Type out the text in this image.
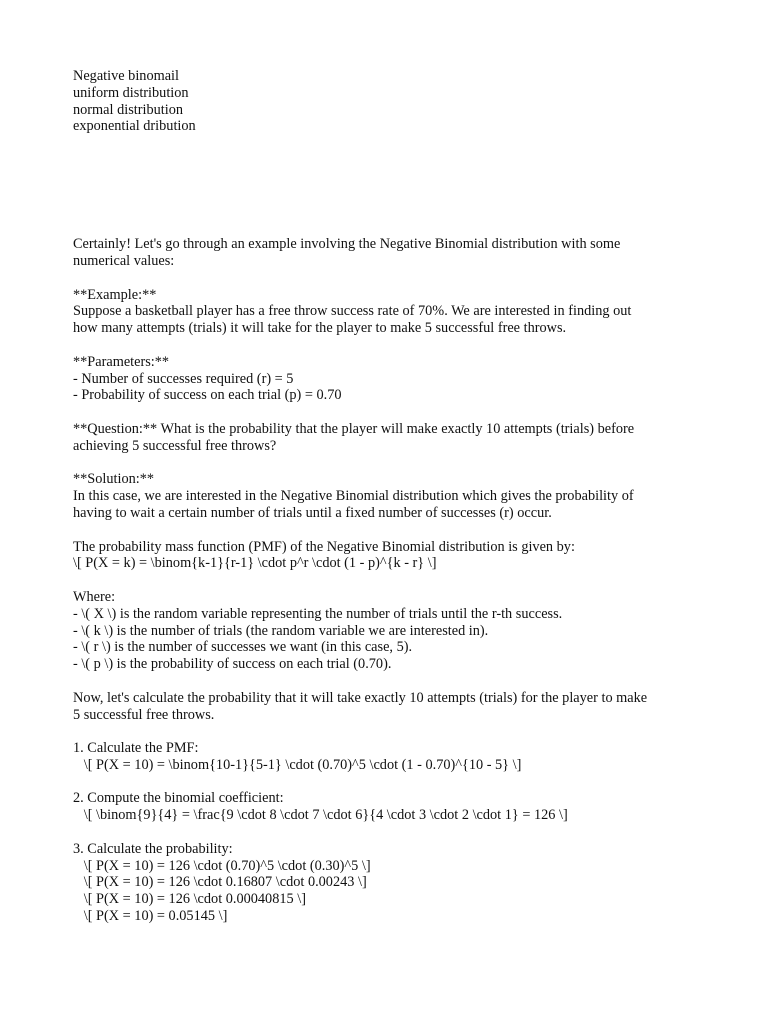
Negative binomail
uniform distribution
normal distribution
exponential dribution
Certainly! Let's go through an example involving the Negative Binomial distribution with some
numerical values:
**Example:**
Suppose a basketball player has a free throw success rate of 70%. We are interested in finding out
how many attempts (trials) it will take for the player to make 5 successful free throws.
**Parameters:**
- Number of successes required (r) = 5
- Probability of success on each trial (p) = 0.70
**Question:** What is the probability that the player will make exactly 10 attempts (trials) before
achieving 5 successful free throws?
**Solution:**
In this case, we are interested in the Negative Binomial distribution which gives the probability of
having to wait a certain number of trials until a fixed number of successes (r) occur.
The probability mass function (PMF) of the Negative Binomial distribution is given by:
\[ P(X = k) = \binom{k-1}{r-1} \cdot p^r \cdot (1 - p)^{k - r} \]
Where:
- \( X \) is the random variable representing the number of trials until the r-th success.
- \( k \) is the number of trials (the random variable we are interested in).
- \( r \) is the number of successes we want (in this case, 5).
- \( p \) is the probability of success on each trial (0.70).
Now, let's calculate the probability that it will take exactly 10 attempts (trials) for the player to make
5 successful free throws.
1. Calculate the PMF:
\[ P(X = 10) = \binom{10-1}{5-1} \cdot (0.70)^5 \cdot (1 - 0.70)^{10 - 5} \]
2. Compute the binomial coefficient:
\[ \binom{9}{4} = \frac{9 \cdot 8 \cdot 7 \cdot 6}{4 \cdot 3 \cdot 2 \cdot 1} = 126 \]
3. Calculate the probability:
\[ P(X = 10) = 126 \cdot (0.70)^5 \cdot (0.30)^5 \]
\[ P(X = 10) = 126 \cdot 0.16807 \cdot 0.00243 \]
\[ P(X = 10) = 126 \cdot 0.00040815 \]
\[ P(X = 10) = 0.05145 \]
